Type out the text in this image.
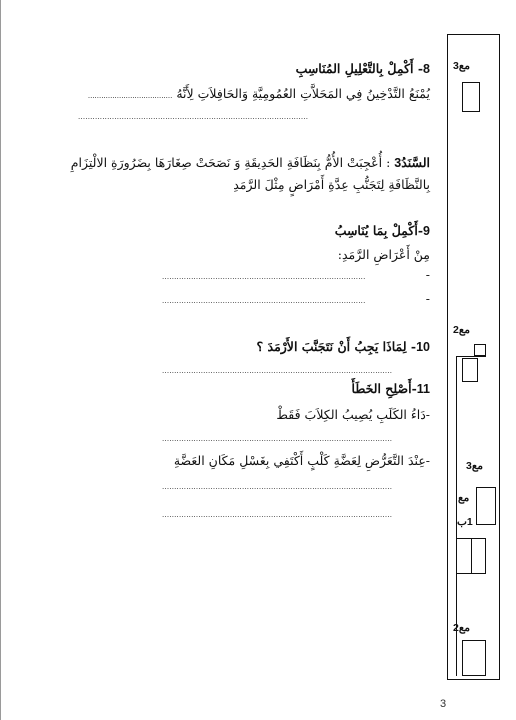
8- أَكْمِلْ بِالتَّعْلِيلِ المُنَاسِبِ
يُمْنَعُ التَّدْخِينُ فِي المَحَلاَّتِ العُمُومِيَّةِ وَالحَافِلاَتِ لِأَنَّهُ ......................................
...............................................................................................
السَّنَدُ3 : أُعْجِبَتْ الأُمُّ بِنَظَافَةِ الحَدِيقَةِ وَ نَصَحَتْ صِغَارَهَا بِضَرُورَةِ الالْتِزَامِ
بِالنَّظَافَةِ لِتَجَنُّبِ عِدَّةِ أَمْرَاضٍ مِثْلَ الرَّمَدِ
9-أَكْمِلْ بِمَا يُنَاسِبُ
مِنْ أَعْرَاضِ الرَّمَدِ:
....................................................................................	-
....................................................................................	-
10- لِمَاذَا يَجِبُ أَنْ نَتَجَنَّبَ الأَرْمَدَ ؟
...............................................................................................
11-أَصْلِحِ الخَطَأَ
-دَاءُ الكَلَبِ يُصِيبُ الكِلاَبَ فَقَطْ
...............................................................................................
-عِنْدَ التَّعَرُّضِ لِعَضَّةِ كَلْبٍ أَكْتَفِي بِغَسْلِ مَكَانِ العَضَّةِ
...............................................................................................
...............................................................................................
مع3
مع2
مع3
مع
1ب
مع2
3
